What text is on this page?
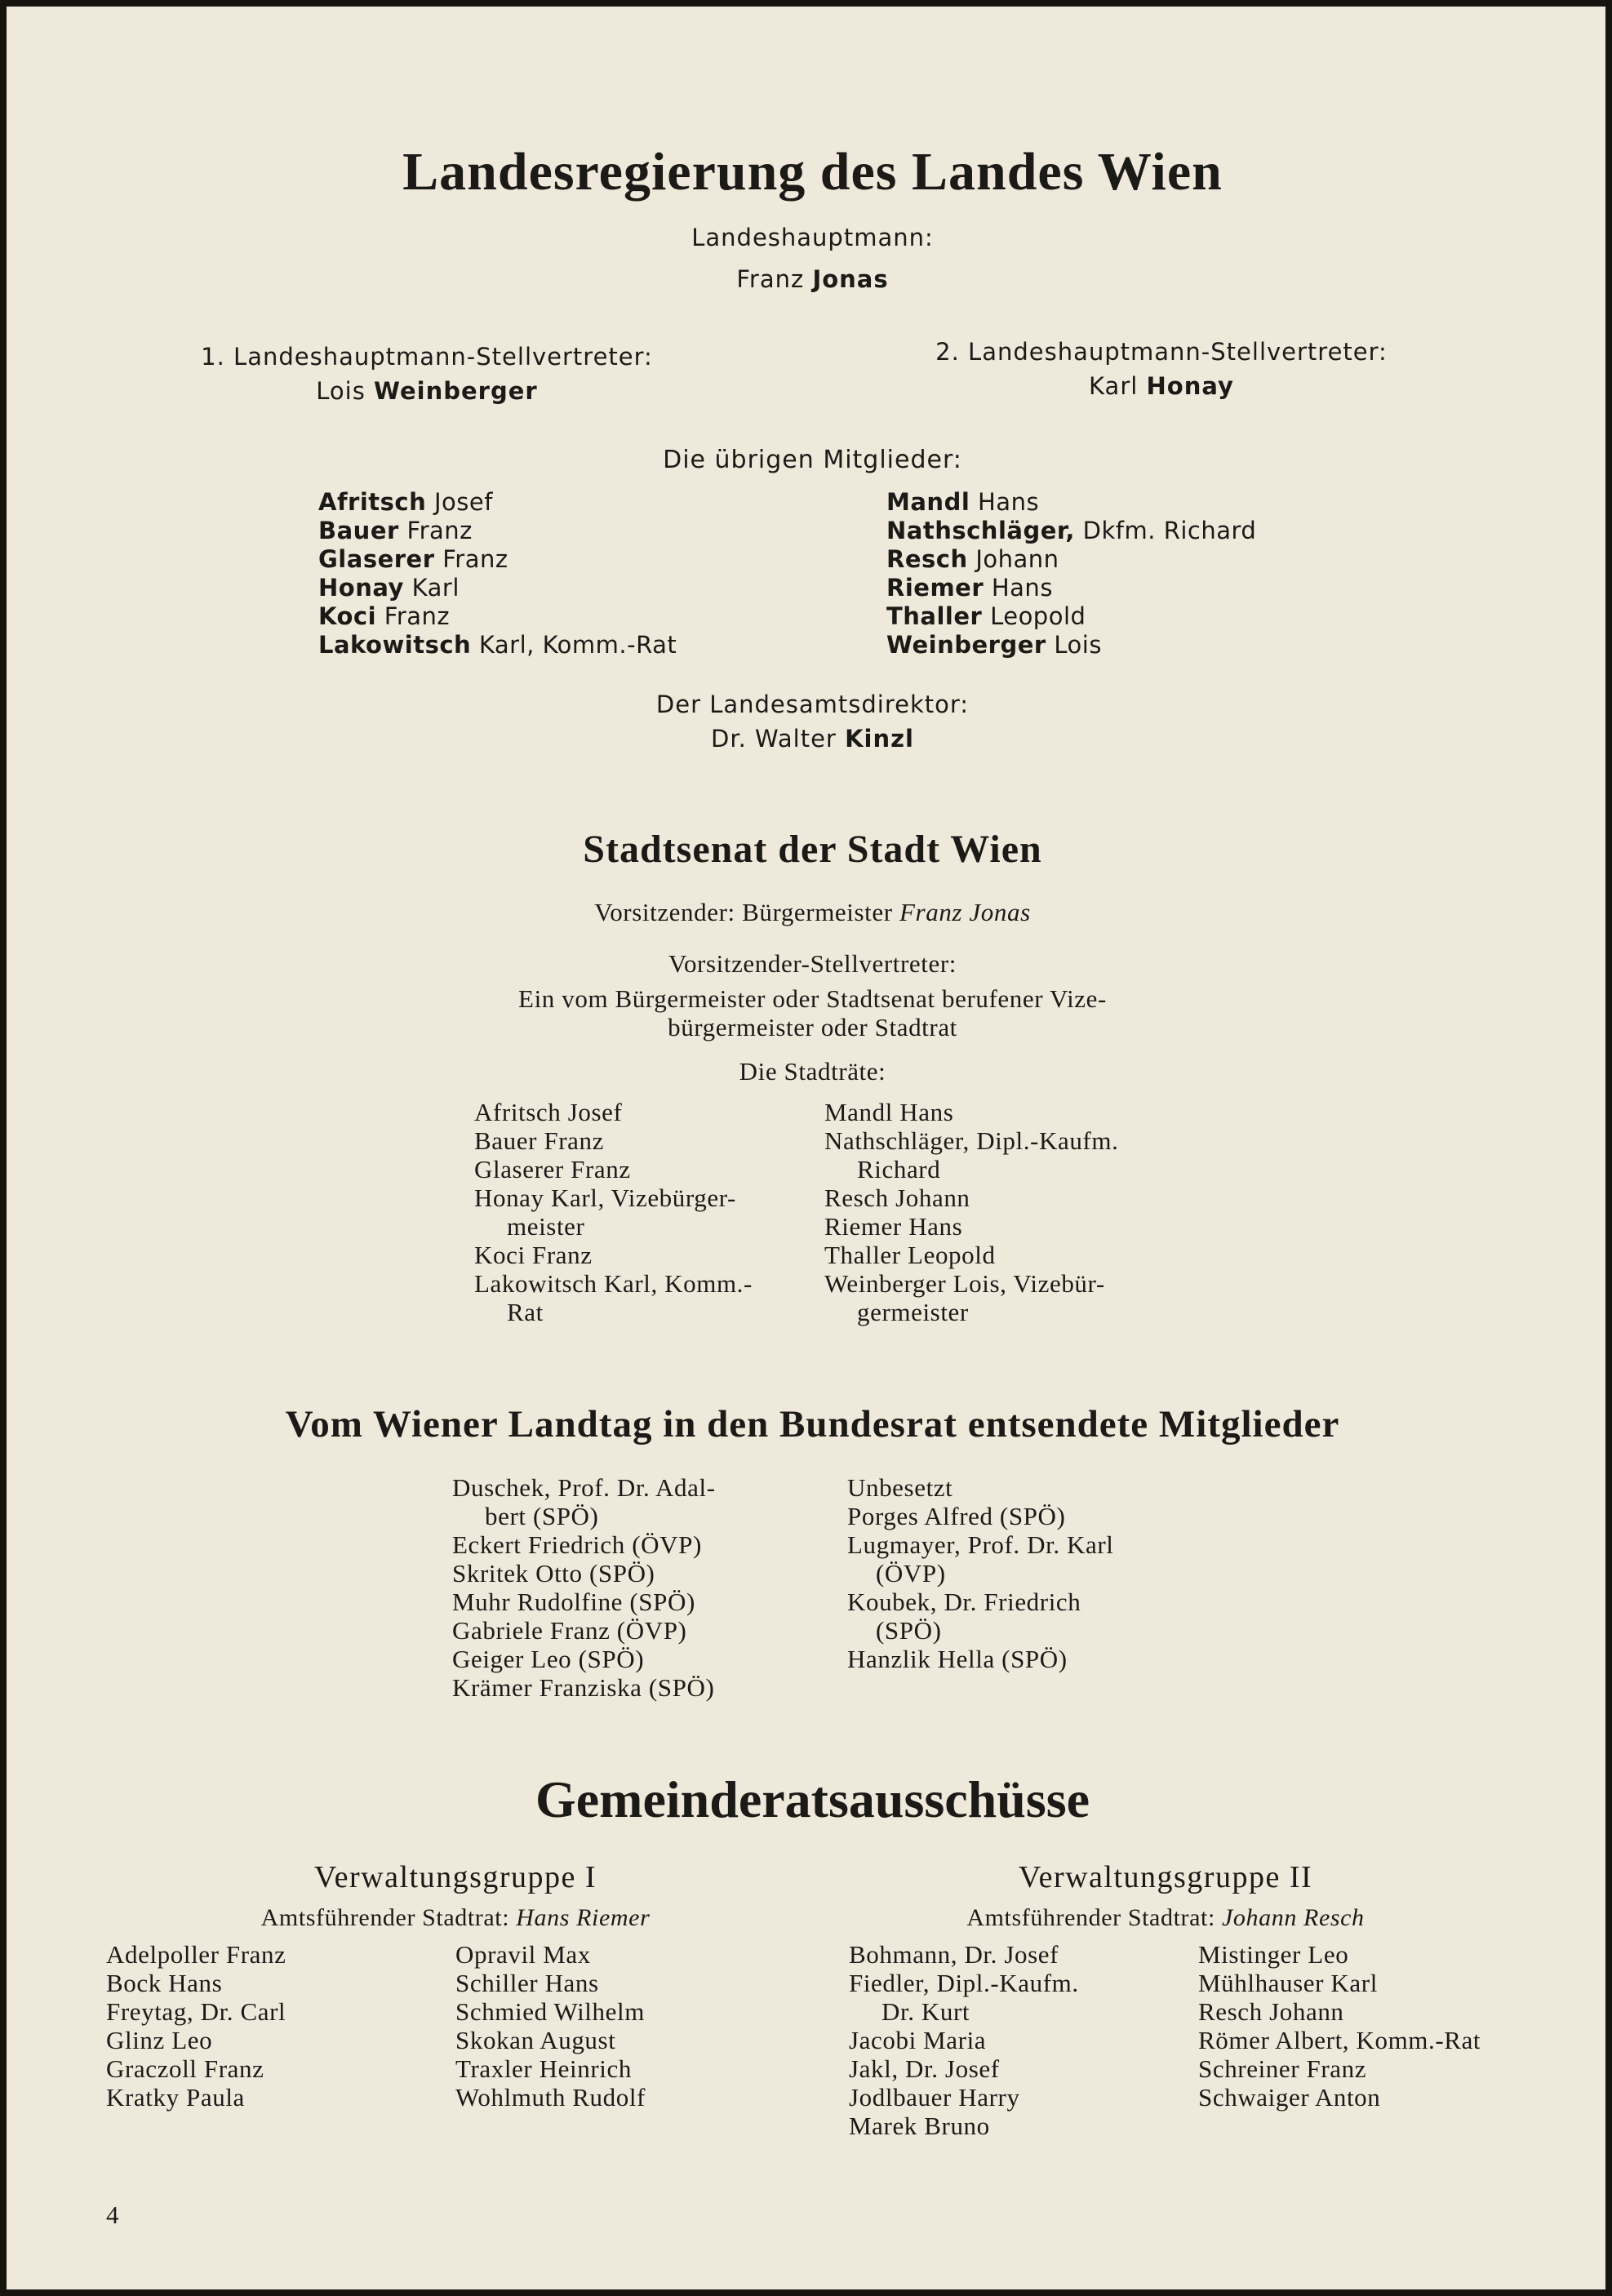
Landesregierung des Landes Wien
Landeshauptmann:
Franz Jonas
1. Landeshauptmann-Stellvertreter:
Lois Weinberger
2. Landeshauptmann-Stellvertreter:
Karl Honay
Die übrigen Mitglieder:
Afritsch Josef
Bauer Franz
Glaserer Franz
Honay Karl
Koci Franz
Lakowitsch Karl, Komm.-Rat
Mandl Hans
Nathschläger, Dkfm. Richard
Resch Johann
Riemer Hans
Thaller Leopold
Weinberger Lois
Der Landesamtsdirektor:
Dr. Walter Kinzl
Stadtsenat der Stadt Wien
Vorsitzender: Bürgermeister Franz Jonas
Vorsitzender-Stellvertreter:
Ein vom Bürgermeister oder Stadtsenat berufener Vize-
bürgermeister oder Stadtrat
Die Stadträte:
Afritsch Josef
Bauer Franz
Glaserer Franz
Honay Karl, Vizebürger-
meister
Koci Franz
Lakowitsch Karl, Komm.-
Rat
Mandl Hans
Nathschläger, Dipl.-Kaufm.
Richard
Resch Johann
Riemer Hans
Thaller Leopold
Weinberger Lois, Vizebür-
germeister
Vom Wiener Landtag in den Bundesrat entsendete Mitglieder
Duschek, Prof. Dr. Adal-
bert (SPÖ)
Eckert Friedrich (ÖVP)
Skritek Otto (SPÖ)
Muhr Rudolfine (SPÖ)
Gabriele Franz (ÖVP)
Geiger Leo (SPÖ)
Krämer Franziska (SPÖ)
Unbesetzt
Porges Alfred (SPÖ)
Lugmayer, Prof. Dr. Karl
(ÖVP)
Koubek, Dr. Friedrich
(SPÖ)
Hanzlik Hella (SPÖ)
Gemeinderatsausschüsse
Verwaltungsgruppe I
Amtsführender Stadtrat: Hans Riemer
Verwaltungsgruppe II
Amtsführender Stadtrat: Johann Resch
Adelpoller Franz
Bock Hans
Freytag, Dr. Carl
Glinz Leo
Graczoll Franz
Kratky Paula
Opravil Max
Schiller Hans
Schmied Wilhelm
Skokan August
Traxler Heinrich
Wohlmuth Rudolf
Bohmann, Dr. Josef
Fiedler, Dipl.-Kaufm.
Dr. Kurt
Jacobi Maria
Jakl, Dr. Josef
Jodlbauer Harry
Marek Bruno
Mistinger Leo
Mühlhauser Karl
Resch Johann
Römer Albert, Komm.-Rat
Schreiner Franz
Schwaiger Anton
4
